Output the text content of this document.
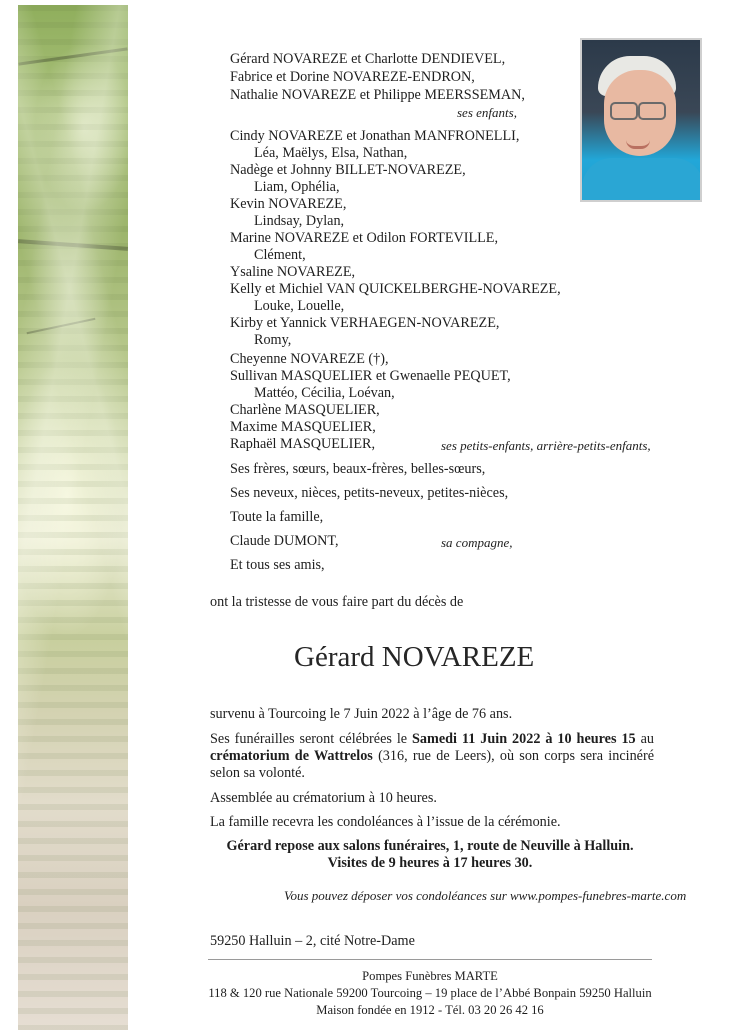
Gérard NOVAREZE et Charlotte DENDIEVEL,
Fabrice et Dorine NOVAREZE-ENDRON,
Nathalie NOVAREZE et Philippe MEERSSEMAN,
ses enfants,
Cindy NOVAREZE et Jonathan MANFRONELLI,
Léa, Maëlys, Elsa, Nathan,
Nadège et Johnny BILLET-NOVAREZE,
Liam, Ophélia,
Kevin NOVAREZE,
Lindsay, Dylan,
Marine NOVAREZE et Odilon FORTEVILLE,
Clément,
Ysaline NOVAREZE,
Kelly et Michiel VAN QUICKELBERGHE-NOVAREZE,
Louke, Louelle,
Kirby et Yannick VERHAEGEN-NOVAREZE,
Romy,
Cheyenne NOVAREZE (†),
Sullivan MASQUELIER et Gwenaelle PEQUET,
Mattéo, Cécilia, Loévan,
Charlène MASQUELIER,
Maxime MASQUELIER,
Raphaël MASQUELIER,	ses petits-enfants, arrière-petits-enfants,
Ses frères, sœurs, beaux-frères, belles-sœurs,
Ses neveux, nièces, petits-neveux, petites-nièces,
Toute la famille,
Claude DUMONT,	sa compagne,
Et tous ses amis,
ont la tristesse de vous faire part du décès de
Gérard NOVAREZE
survenu à Tourcoing le 7 Juin 2022 à l’âge de 76 ans.
Ses funérailles seront célébrées le Samedi 11 Juin 2022 à 10 heures 15 au crématorium de Wattrelos (316, rue de Leers), où son corps sera incinéré selon sa volonté.
Assemblée au crématorium à 10 heures.
La famille recevra les condoléances à l’issue de la cérémonie.
Gérard repose aux salons funéraires, 1, route de Neuville à Halluin.
Visites de 9 heures à 17 heures 30.
Vous pouvez déposer vos condoléances sur www.pompes-funebres-marte.com
59250 Halluin – 2, cité Notre-Dame
Pompes Funèbres MARTE
118 & 120 rue Nationale 59200 Tourcoing – 19 place de l’Abbé Bonpain 59250 Halluin
Maison fondée en 1912 - Tél. 03 20 26 42 16
